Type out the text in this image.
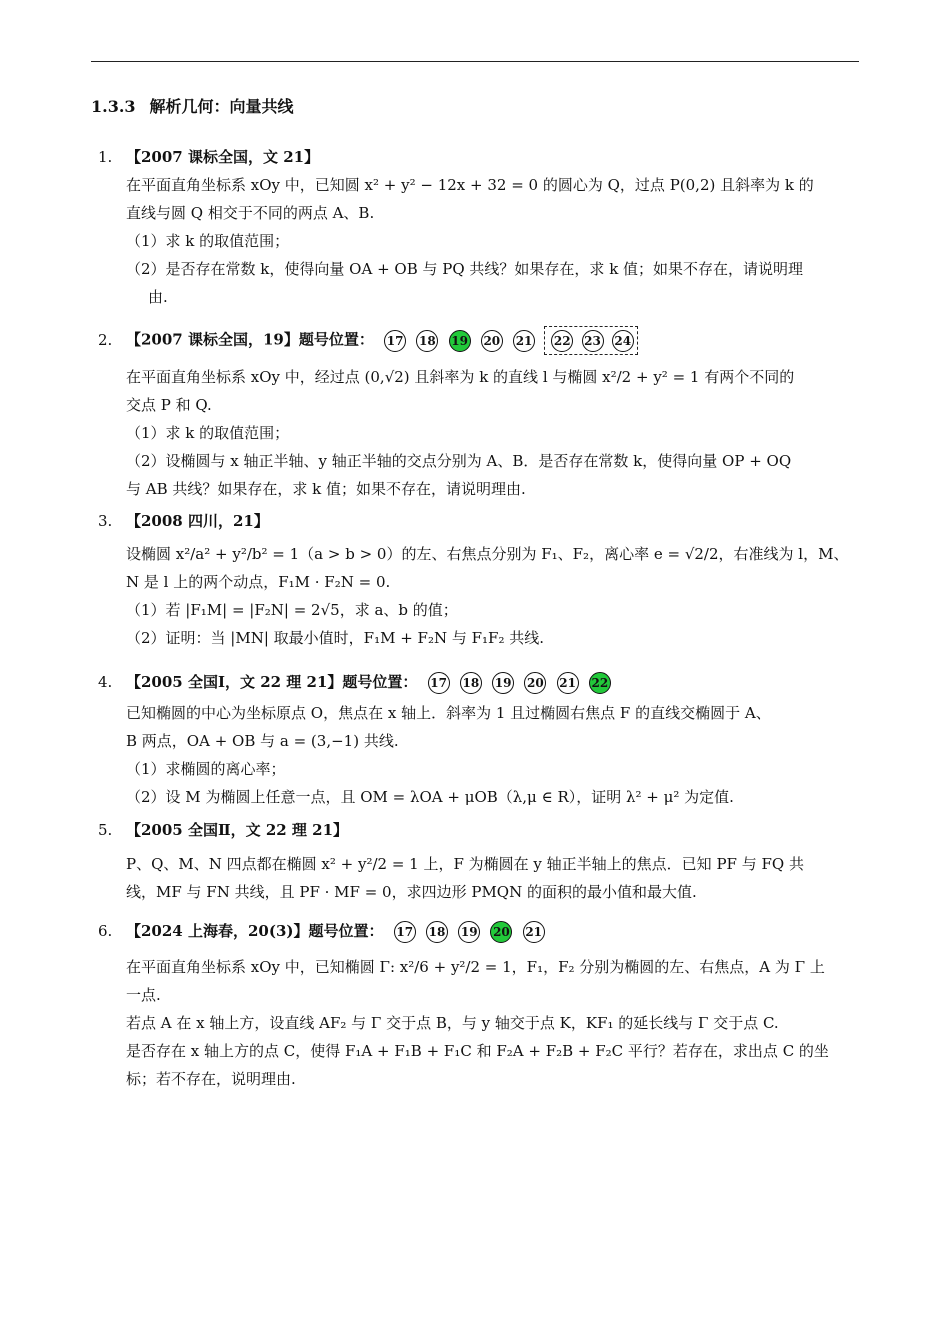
1.3.3 解析几何：向量共线
1. 【2007 课标全国，文 21】
在平面直角坐标系 xOy 中，已知圆 x² + y² − 12x + 32 = 0 的圆心为 Q，过点 P(0,2) 且斜率为 k 的
直线与圆 Q 相交于不同的两点 A、B.
（1）求 k 的取值范围；
（2）是否存在常数 k，使得向量 OA + OB 与 PQ 共线？如果存在，求 k 值；如果不存在，请说明理
由.
2. 【2007 课标全国，19】题号位置： 17 18 19 20 21 22 23 24
在平面直角坐标系 xOy 中，经过点 (0,√2) 且斜率为 k 的直线 l 与椭圆 x²/2 + y² = 1 有两个不同的
交点 P 和 Q.
（1）求 k 的取值范围；
（2）设椭圆与 x 轴正半轴、y 轴正半轴的交点分别为 A、B．是否存在常数 k，使得向量 OP + OQ
与 AB 共线？如果存在，求 k 值；如果不存在，请说明理由.
3. 【2008 四川，21】
设椭圆 x²/a² + y²/b² = 1（a > b > 0）的左、右焦点分别为 F₁、F₂，离心率 e = √2/2，右准线为 l，M、
N 是 l 上的两个动点，F₁M · F₂N = 0.
（1）若 |F₁M| = |F₂N| = 2√5，求 a、b 的值；
（2）证明：当 |MN| 取最小值时，F₁M + F₂N 与 F₁F₂ 共线.
4. 【2005 全国Ⅰ，文 22 理 21】题号位置： 17 18 19 20 21 22
已知椭圆的中心为坐标原点 O，焦点在 x 轴上．斜率为 1 且过椭圆右焦点 F 的直线交椭圆于 A、
B 两点，OA + OB 与 a = (3,−1) 共线.
（1）求椭圆的离心率；
（2）设 M 为椭圆上任意一点，且 OM = λOA + μOB（λ,μ ∈ R），证明 λ² + μ² 为定值.
5. 【2005 全国Ⅱ，文 22 理 21】
P、Q、M、N 四点都在椭圆 x² + y²/2 = 1 上，F 为椭圆在 y 轴正半轴上的焦点．已知 PF 与 FQ 共
线，MF 与 FN 共线，且 PF · MF = 0，求四边形 PMQN 的面积的最小值和最大值.
6. 【2024 上海春，20(3)】题号位置： 17 18 19 20 21
在平面直角坐标系 xOy 中，已知椭圆 Γ: x²/6 + y²/2 = 1，F₁，F₂ 分别为椭圆的左、右焦点，A 为 Γ 上
一点.
若点 A 在 x 轴上方，设直线 AF₂ 与 Γ 交于点 B，与 y 轴交于点 K，KF₁ 的延长线与 Γ 交于点 C.
是否存在 x 轴上方的点 C，使得 F₁A + F₁B + F₁C 和 F₂A + F₂B + F₂C 平行？若存在，求出点 C 的坐
标；若不存在，说明理由.
